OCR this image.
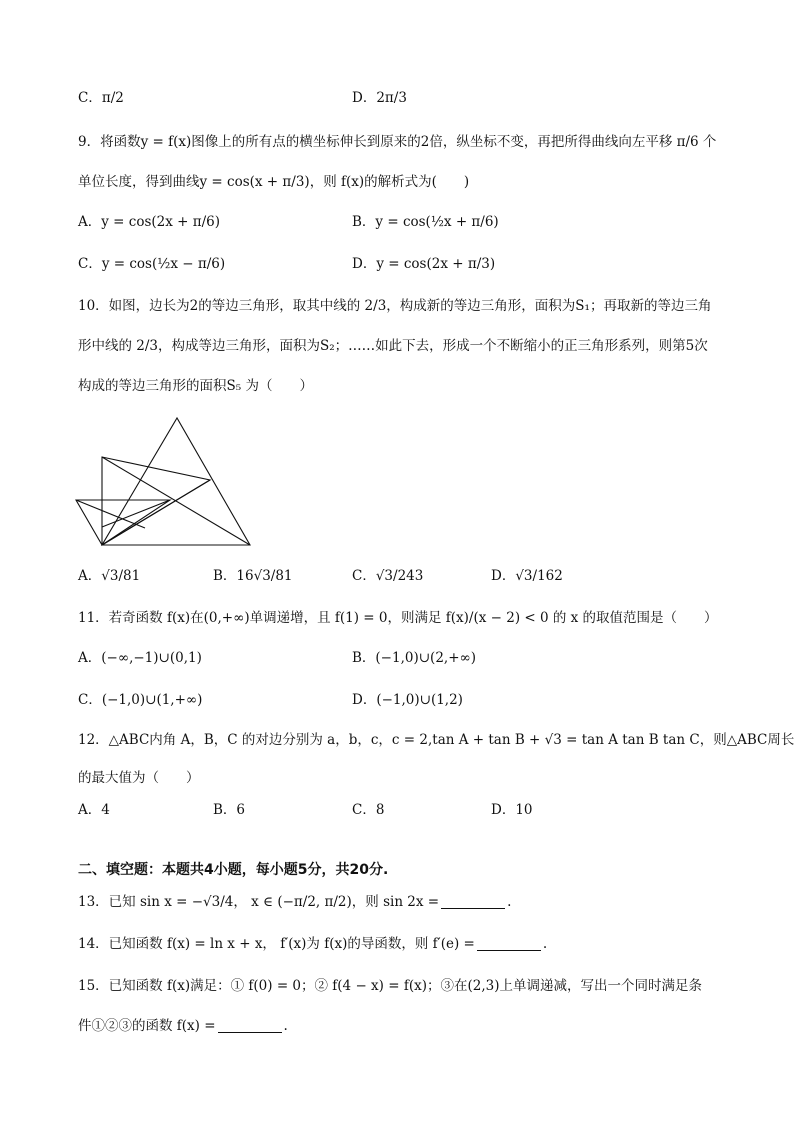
C．π/2	D．2π/3
9．将函数y = f(x)图像上的所有点的横坐标伸长到原来的2倍，纵坐标不变，再把所得曲线向左平移 π/6 个
单位长度，得到曲线y = cos(x + π/3)，则 f(x)的解析式为(　　)
A．y = cos(2x + π/6)	B．y = cos(½x + π/6)
C．y = cos(½x − π/6)	D．y = cos(2x + π/3)
10．如图，边长为2的等边三角形，取其中线的 2/3，构成新的等边三角形，面积为S₁；再取新的等边三角
形中线的 2/3，构成等边三角形，面积为S₂；……如此下去，形成一个不断缩小的正三角形系列，则第5次
构成的等边三角形的面积S₅ 为（　　）
A．√3/81	B．16√3/81	C．√3/243	D．√3/162
11．若奇函数 f(x)在(0,+∞)单调递增，且 f(1) = 0，则满足 f(x)/(x − 2) < 0 的 x 的取值范围是（　　）
A．(−∞,−1)∪(0,1)	B．(−1,0)∪(2,+∞)
C．(−1,0)∪(1,+∞)	D．(−1,0)∪(1,2)
12．△ABC内角 A，B，C 的对边分别为 a，b，c，c = 2,tan A + tan B + √3 = tan A tan B tan C，则△ABC周长
的最大值为（　　）
A．4	B．6	C．8	D．10
二、填空题：本题共4小题，每小题5分，共20分.
13．已知 sin x = −√3/4， x ∈ (−π/2, π/2)，则 sin 2x =	.
14．已知函数 f(x) = ln x + x， f′(x)为 f(x)的导函数，则 f′(e) =	.
15．已知函数 f(x)满足：① f(0) = 0；② f(4 − x) = f(x)；③在(2,3)上单调递减，写出一个同时满足条
件①②③的函数 f(x) =	.
